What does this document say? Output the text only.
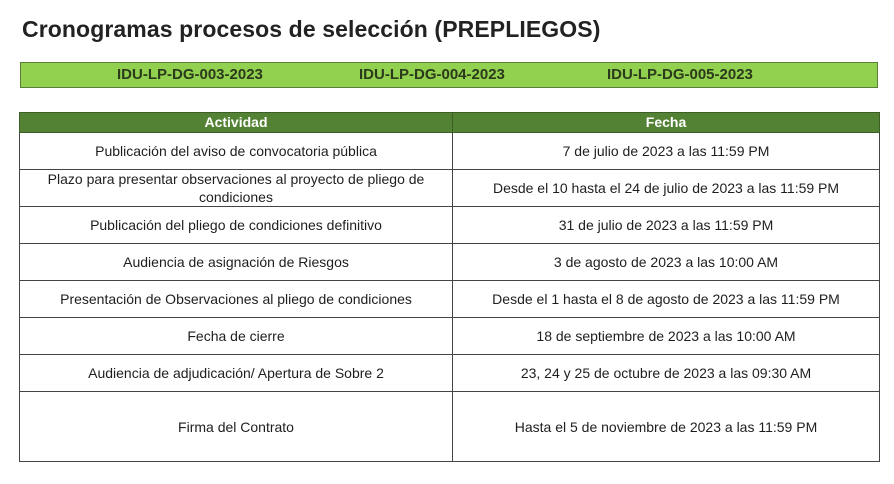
Cronogramas procesos de selección (PREPLIEGOS)
IDU-LP-DG-003-2023	IDU-LP-DG-004-2023	IDU-LP-DG-005-2023
Actividad	Fecha
Publicación del aviso de convocatoria pública	7 de julio de 2023 a las 11:59 PM
Plazo para presentar observaciones al proyecto de pliego de condiciones	Desde el 10 hasta el 24 de julio de 2023 a las 11:59 PM
Publicación del pliego de condiciones definitivo	31 de julio de 2023 a las 11:59 PM
Audiencia de asignación de Riesgos	3 de agosto de 2023 a las 10:00 AM
Presentación de Observaciones al pliego de condiciones	Desde el 1 hasta el 8 de agosto de 2023 a las 11:59 PM
Fecha de cierre	18 de septiembre de 2023 a las 10:00 AM
Audiencia de adjudicación/ Apertura de Sobre 2	23, 24 y 25 de octubre de 2023 a las 09:30 AM
Firma del Contrato	Hasta el 5 de noviembre de 2023 a las 11:59 PM
